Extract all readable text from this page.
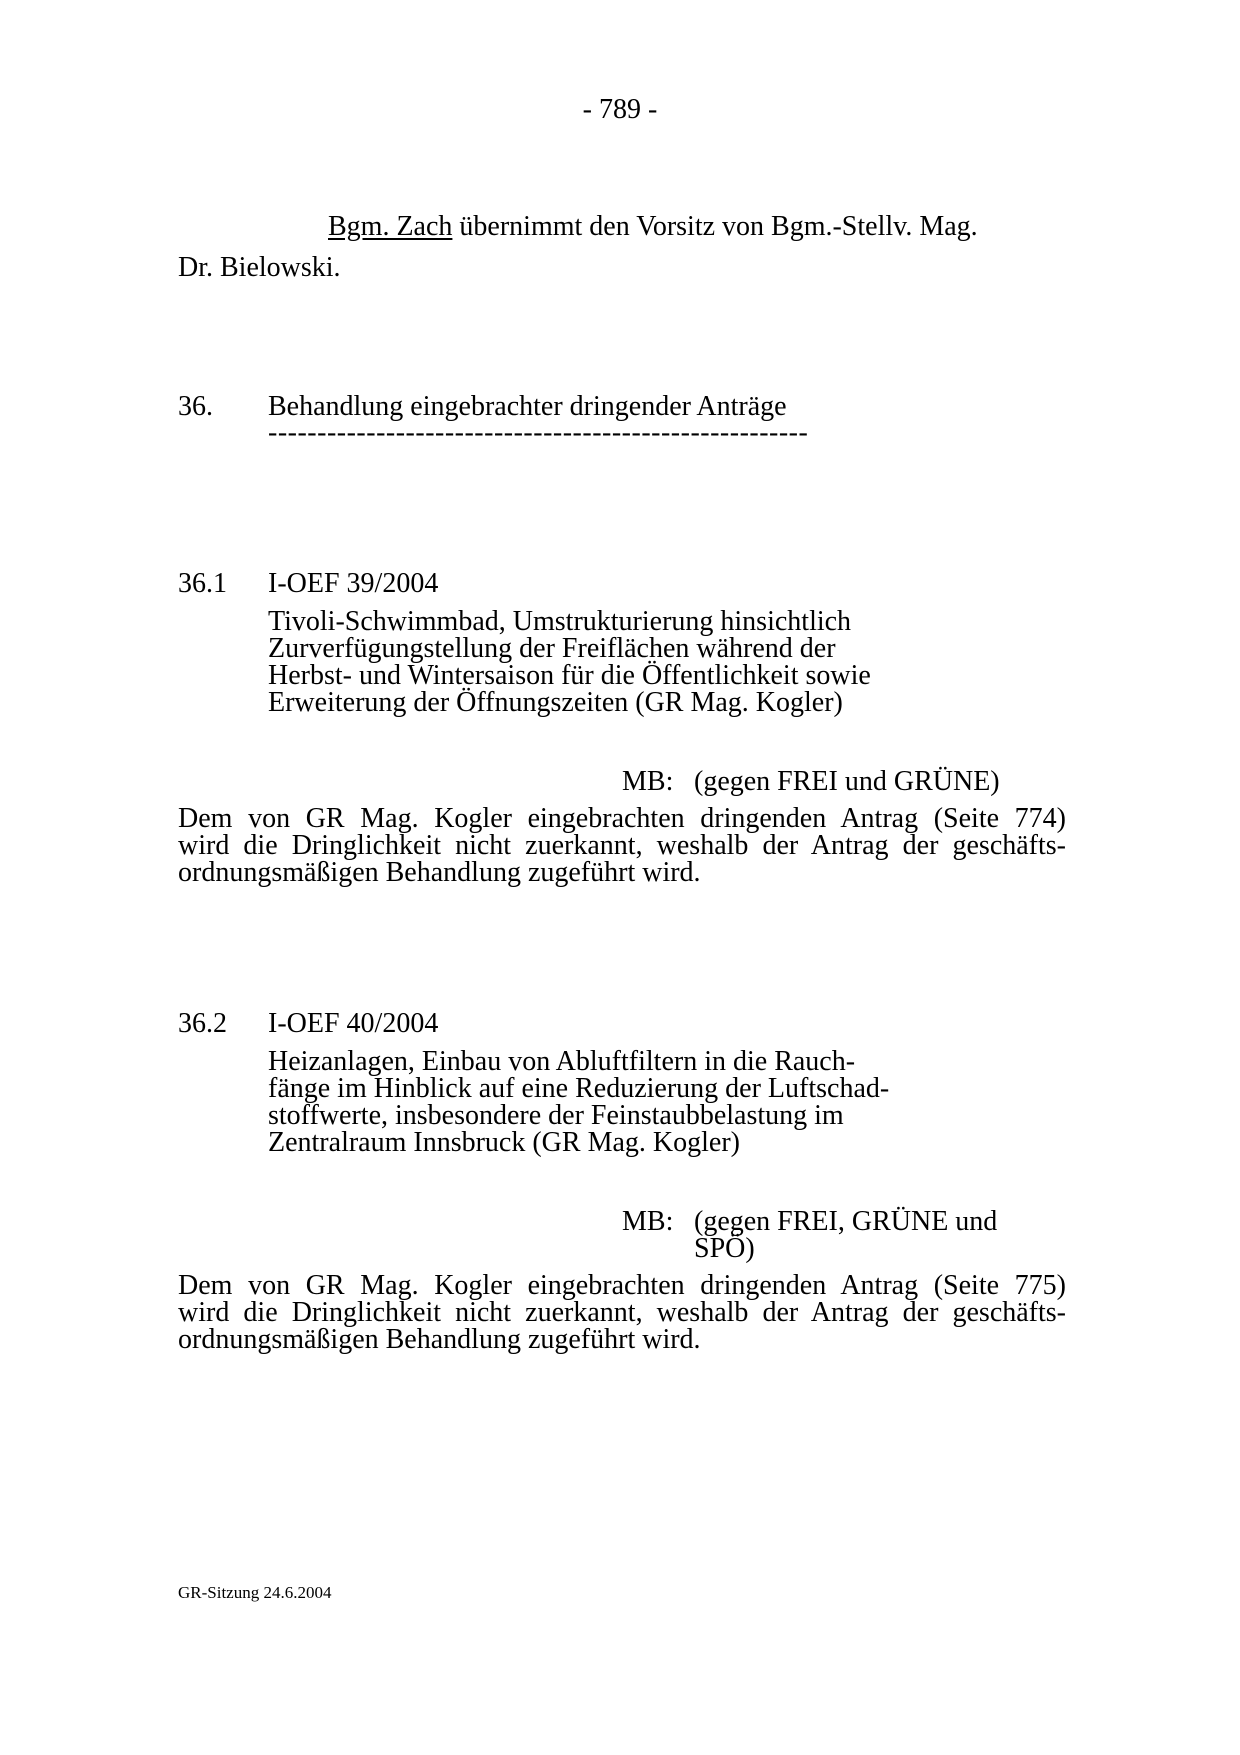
- 789 -
Bgm. Zach übernimmt den Vorsitz von Bgm.-Stellv. Mag.
Dr. Bielowski.
36. Behandlung eingebrachter dringender Anträge
-------------------------------------------------------
36.1 I-OEF 39/2004
Tivoli-Schwimmbad, Umstrukturierung hinsichtlich
Zurverfügungstellung der Freiflächen während der
Herbst- und Wintersaison für die Öffentlichkeit sowie
Erweiterung der Öffnungszeiten (GR Mag. Kogler)
MB: (gegen FREI und GRÜNE)
Dem von GR Mag. Kogler eingebrachten dringenden Antrag (Seite 774)
wird die Dringlichkeit nicht zuerkannt, weshalb der Antrag der geschäfts-
ordnungsmäßigen Behandlung zugeführt wird.
36.2 I-OEF 40/2004
Heizanlagen, Einbau von Abluftfiltern in die Rauch-
fänge im Hinblick auf eine Reduzierung der Luftschad-
stoffwerte, insbesondere der Feinstaubbelastung im
Zentralraum Innsbruck (GR Mag. Kogler)
MB: (gegen FREI, GRÜNE und
SPÖ)
Dem von GR Mag. Kogler eingebrachten dringenden Antrag (Seite 775)
wird die Dringlichkeit nicht zuerkannt, weshalb der Antrag der geschäfts-
ordnungsmäßigen Behandlung zugeführt wird.
GR-Sitzung 24.6.2004
